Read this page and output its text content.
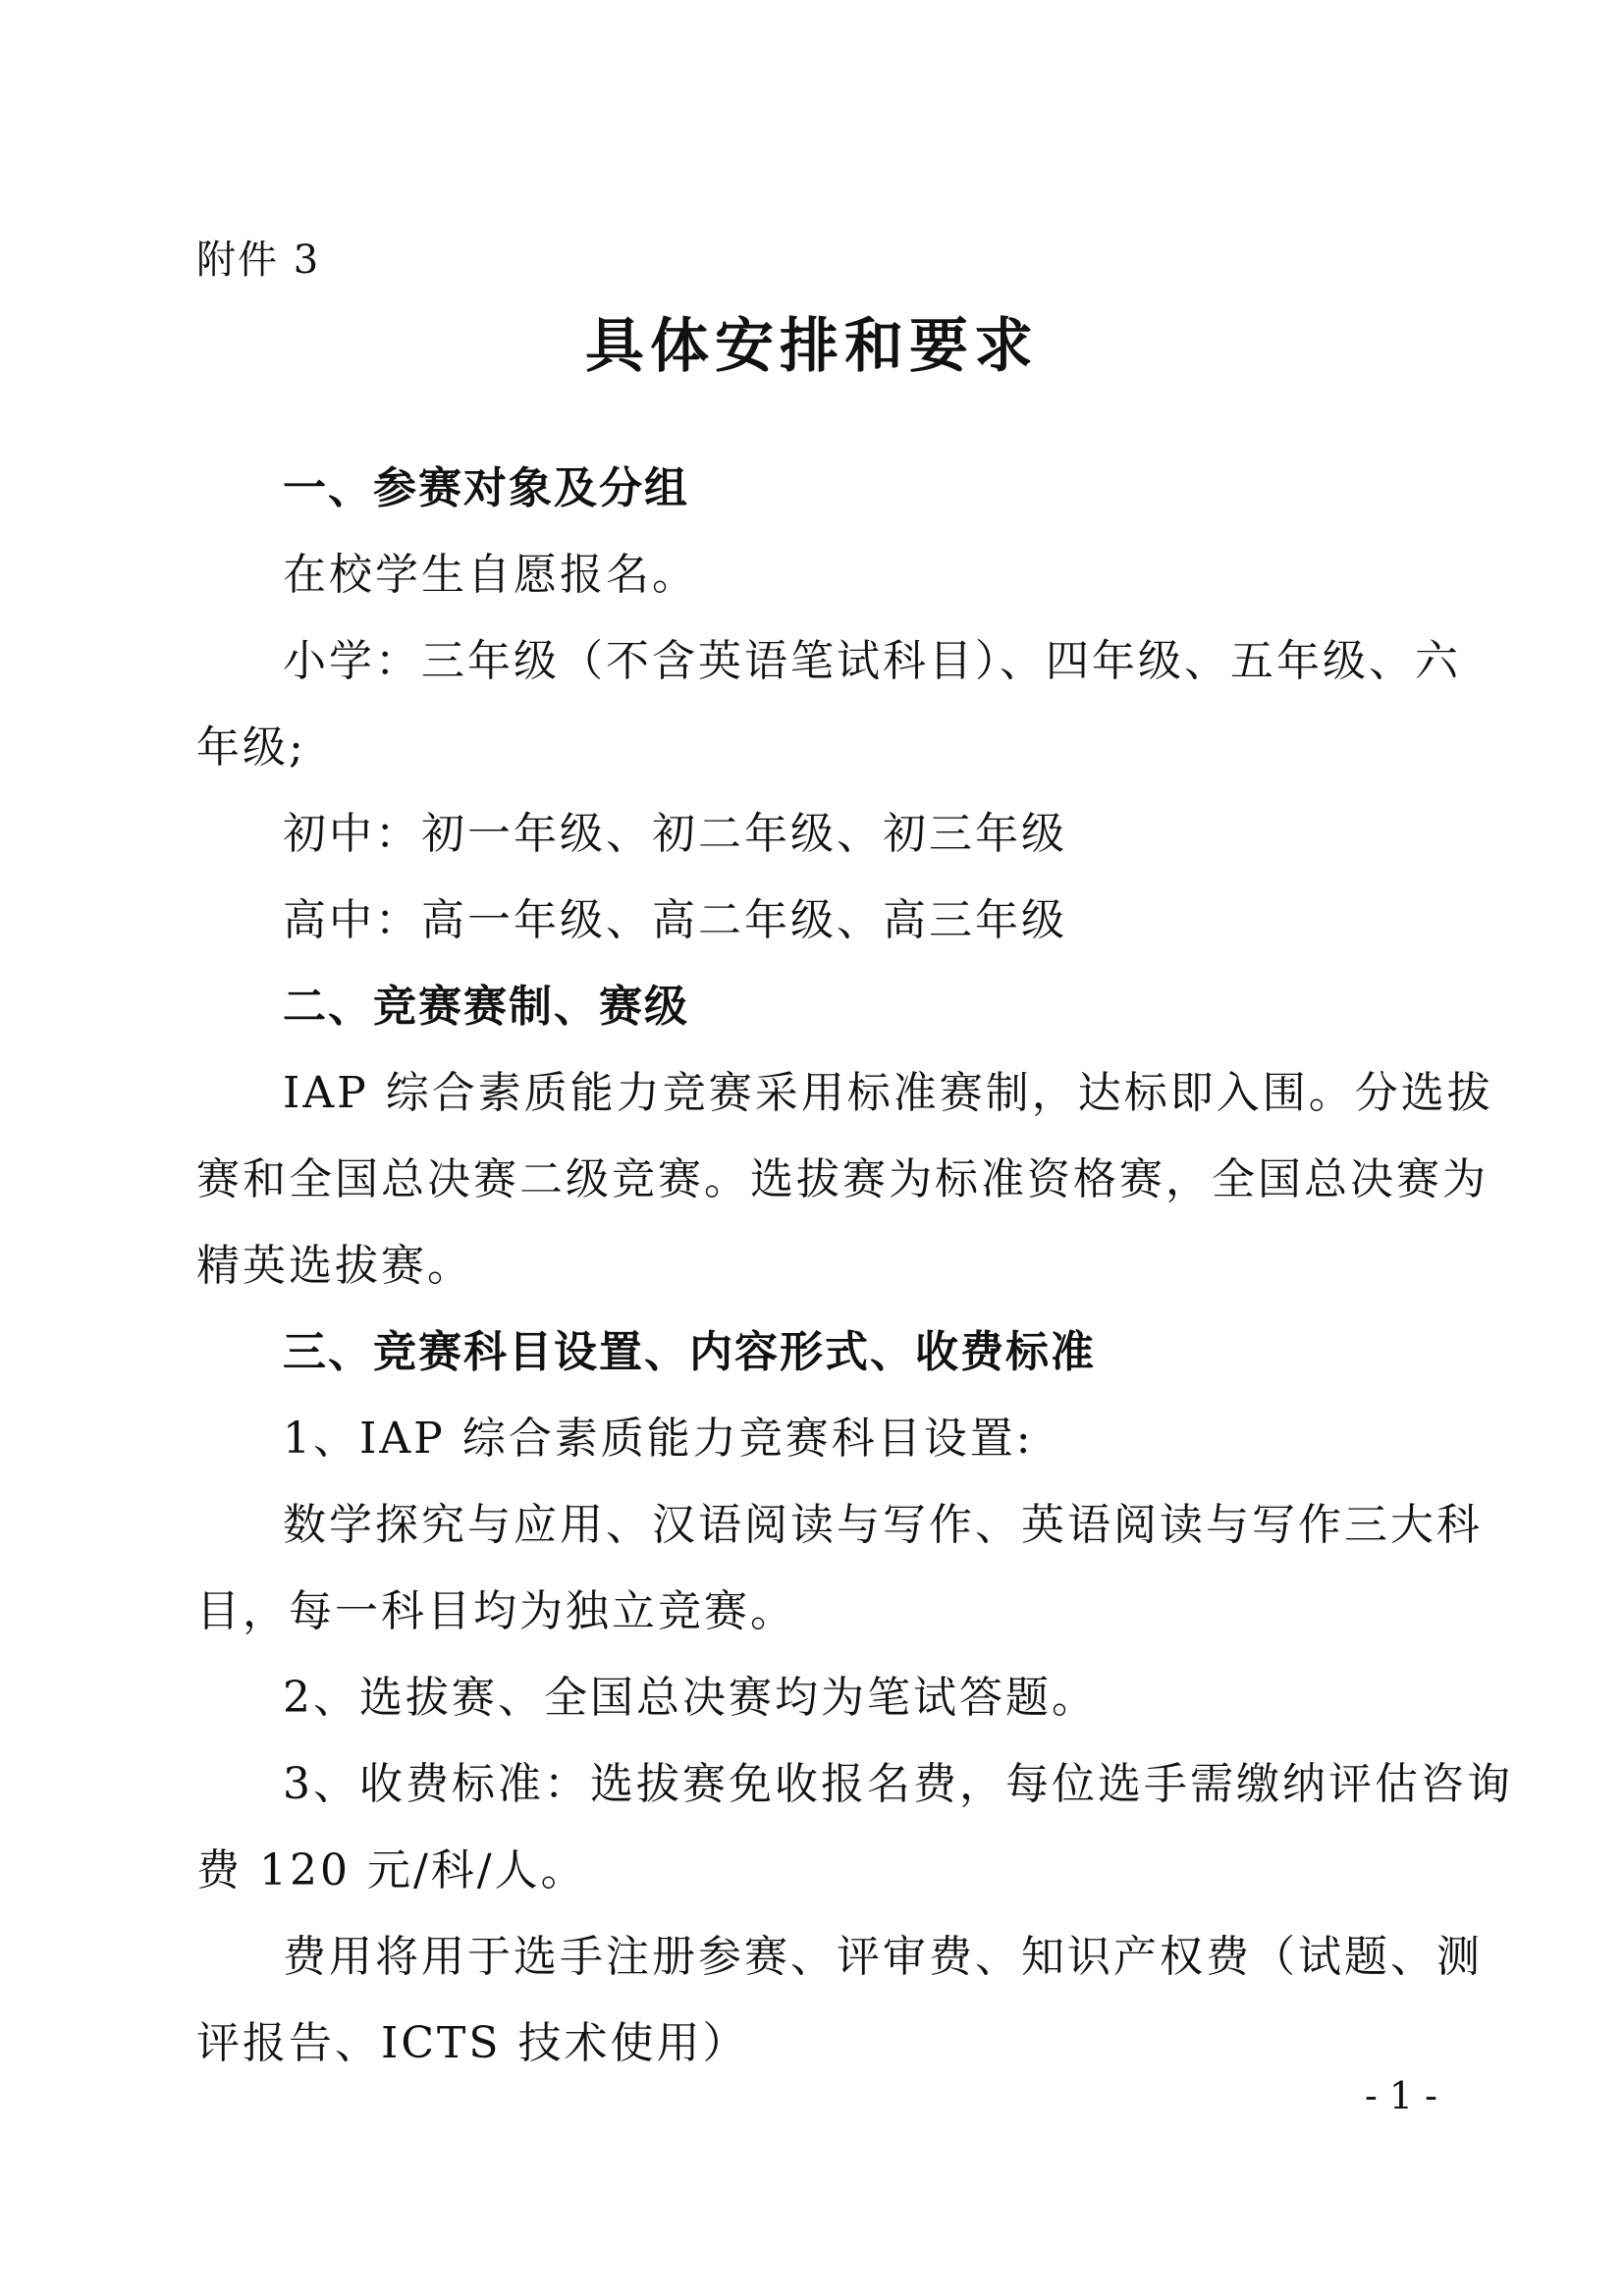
附件 3
具体安排和要求
一、参赛对象及分组
在校学生自愿报名。
小学：三年级（不含英语笔试科目）、四年级、五年级、六
年级;
初中：初一年级、初二年级、初三年级
高中：高一年级、高二年级、高三年级
二、竞赛赛制、赛级
IAP 综合素质能力竞赛采用标准赛制，达标即入围。分选拔
赛和全国总决赛二级竞赛。选拔赛为标准资格赛，全国总决赛为
精英选拔赛。
三、竞赛科目设置、内容形式、收费标准
1、IAP 综合素质能力竞赛科目设置:
数学探究与应用、汉语阅读与写作、英语阅读与写作三大科
目，每一科目均为独立竞赛。
2、选拔赛、全国总决赛均为笔试答题。
3、收费标准：选拔赛免收报名费，每位选手需缴纳评估咨询
费 120 元/科/人。
费用将用于选手注册参赛、评审费、知识产权费（试题、测
评报告、ICTS 技术使用）
- 1 -
